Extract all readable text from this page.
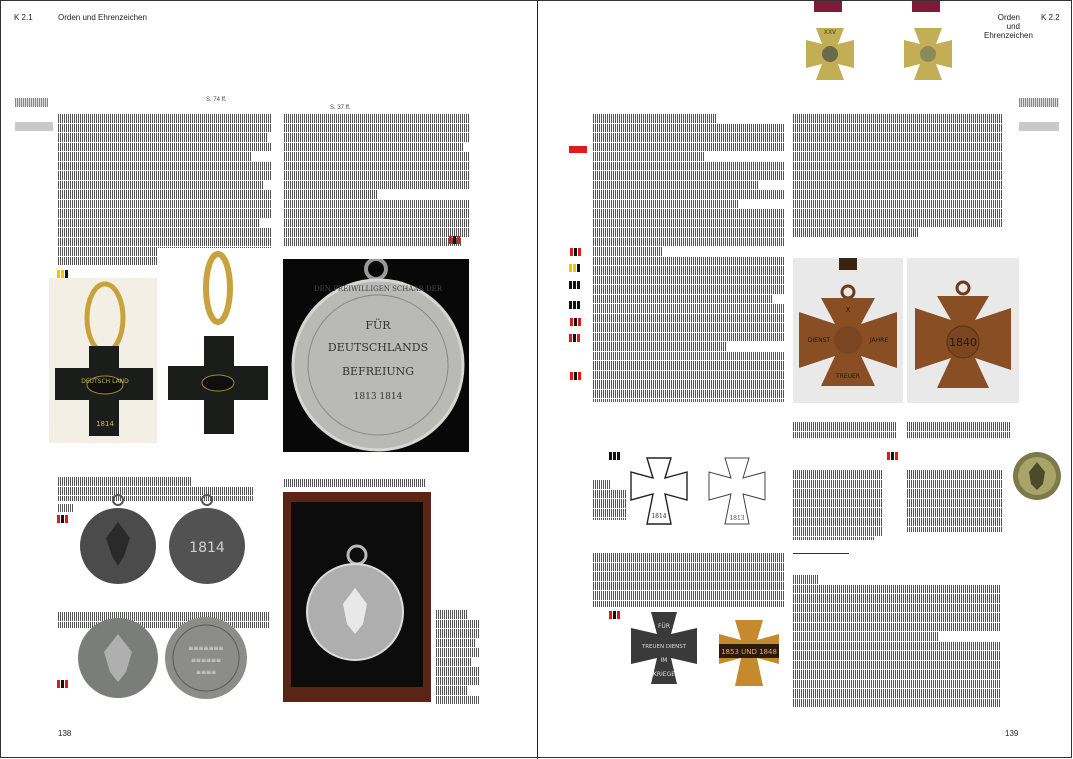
K 2.1	Orden und Ehrenzeichen

S. 74 ff.

S. 37 ff.
DEUTSCH LAND
1814
FÜR
DEUTSCHLANDS
BEFREIUNG
1813 1814
DEN FREIWILLIGEN SCHAAR DER

1814

≡≡≡≡≡≡≡
≡≡≡≡≡≡
≡≡≡≡

138
XXV
Orden und
Ehrenzeichen
K 2.2

X
DIENST	JAHRE
TREUER
1840

1814	1813

FÜR
TREUEN DIENST
IM
KRIEGE
1853 UND 1848

139
